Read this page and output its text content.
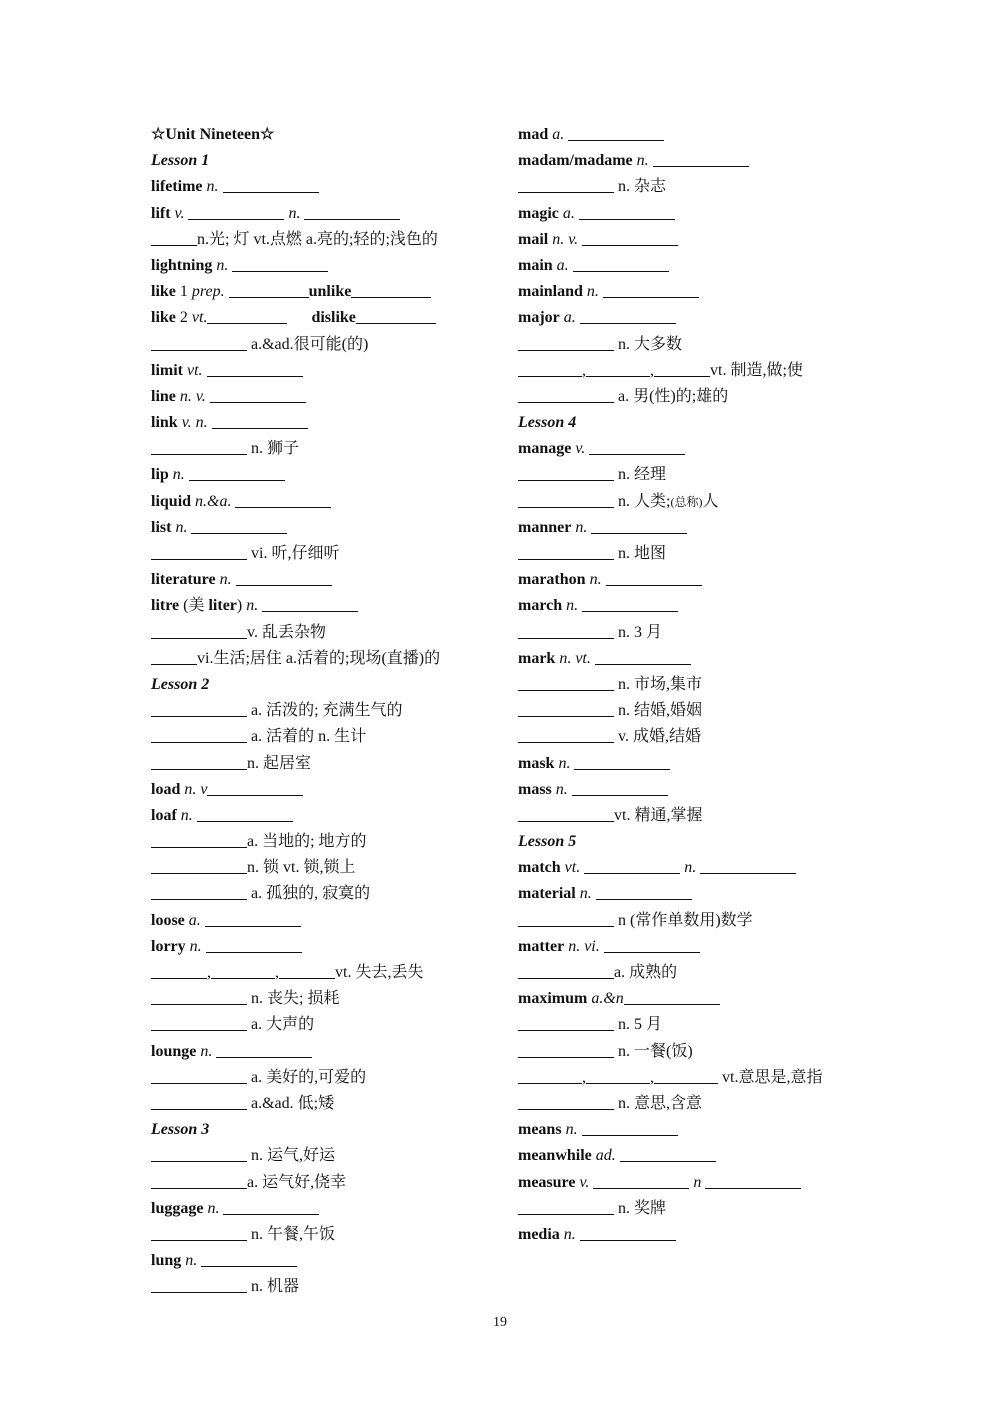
☆Unit Nineteen☆
Lesson 1
lifetime n.
lift v.	n.
n.光; 灯 vt.点燃 a.亮的;轻的;浅色的
lightning n.
like 1 prep.	unlike
like 2 vt.	dislike
a.&ad.很可能(的)
limit vt.
line n. v.
link v. n.
n. 狮子
lip n.
liquid n.&a.
list n.
vi. 听,仔细听
literature n.
litre (美 liter) n.
v. 乱丢杂物
vi.生活;居住 a.活着的;现场(直播)的
Lesson 2
a. 活泼的; 充满生气的
a. 活着的 n. 生计
n. 起居室
load n. v
loaf n.
a. 当地的; 地方的
n. 锁 vt. 锁,锁上
a. 孤独的, 寂寞的
loose a.
lorry n.
,	,	vt. 失去,丢失
n. 丧失; 损耗
a. 大声的
lounge n.
a. 美好的,可爱的
a.&ad. 低;矮
Lesson 3
n. 运气,好运
a. 运气好,侥幸
luggage n.
n. 午餐,午饭
lung n.
n. 机器
mad a.
madam/madame n.
n. 杂志
magic a.
mail n. v.
main a.
mainland n.
major a.
n. 大多数
,	,	vt. 制造,做;使
a. 男(性)的;雄的
Lesson 4
manage v.
n. 经理
n. 人类;(总称)人
manner n.
n. 地图
marathon n.
march n.
n. 3 月
mark n. vt.
n. 市场,集市
n. 结婚,婚姻
v. 成婚,结婚
mask n.
mass n.
vt. 精通,掌握
Lesson 5
match vt.	n.
material n.
n (常作单数用)数学
matter n. vi.
a. 成熟的
maximum a.&n
n. 5 月
n. 一餐(饭)
,	,	vt.意思是,意指
n. 意思,含意
means n.
meanwhile ad.
measure v.	n
n. 奖牌
media n.
19
